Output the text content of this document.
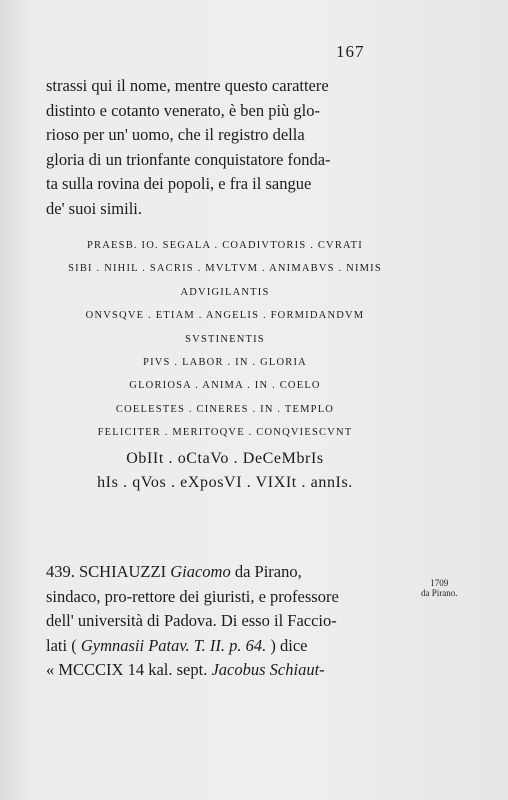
167
strassi qui il nome, mentre questo carattere
distinto e cotanto venerato, è ben più glo-
rioso per un' uomo, che il registro della
gloria di un trionfante conquistatore fonda-
ta sulla rovina dei popoli, e fra il sangue
de' suoi simili.
PRAESB. IO. SEGALA . COADIVTORIS . CVRATI
SIBI . NIHIL . SACRIS . MVLTVM . ANIMABVS . NIMIS
ADVIGILANTIS
ONVSQVE . ETIAM . ANGELIS . FORMIDANDVM
SVSTINENTIS
PIVS . LABOR . IN . GLORIA
GLORIOSA . ANIMA . IN . COELO
COELESTES . CINERES . IN . TEMPLO
FELICITER . MERITOQVE . CONQVIESCVNT
ObIIt . oCtaVo . DeCeMbrIs
hIs . qVos . eXposVI . VIXIt . annIs.
439. SCHIAUZZI Giacomo da Pirano,
sindaco, pro-rettore dei giuristi, e professore
dell' università di Padova. Di esso il Faccio-
lati ( Gymnasii Patav. T. II. p. 64. ) dice
« MCCCIX 14 kal. sept. Jacobus Schiaut-
1709
da Pirano.
